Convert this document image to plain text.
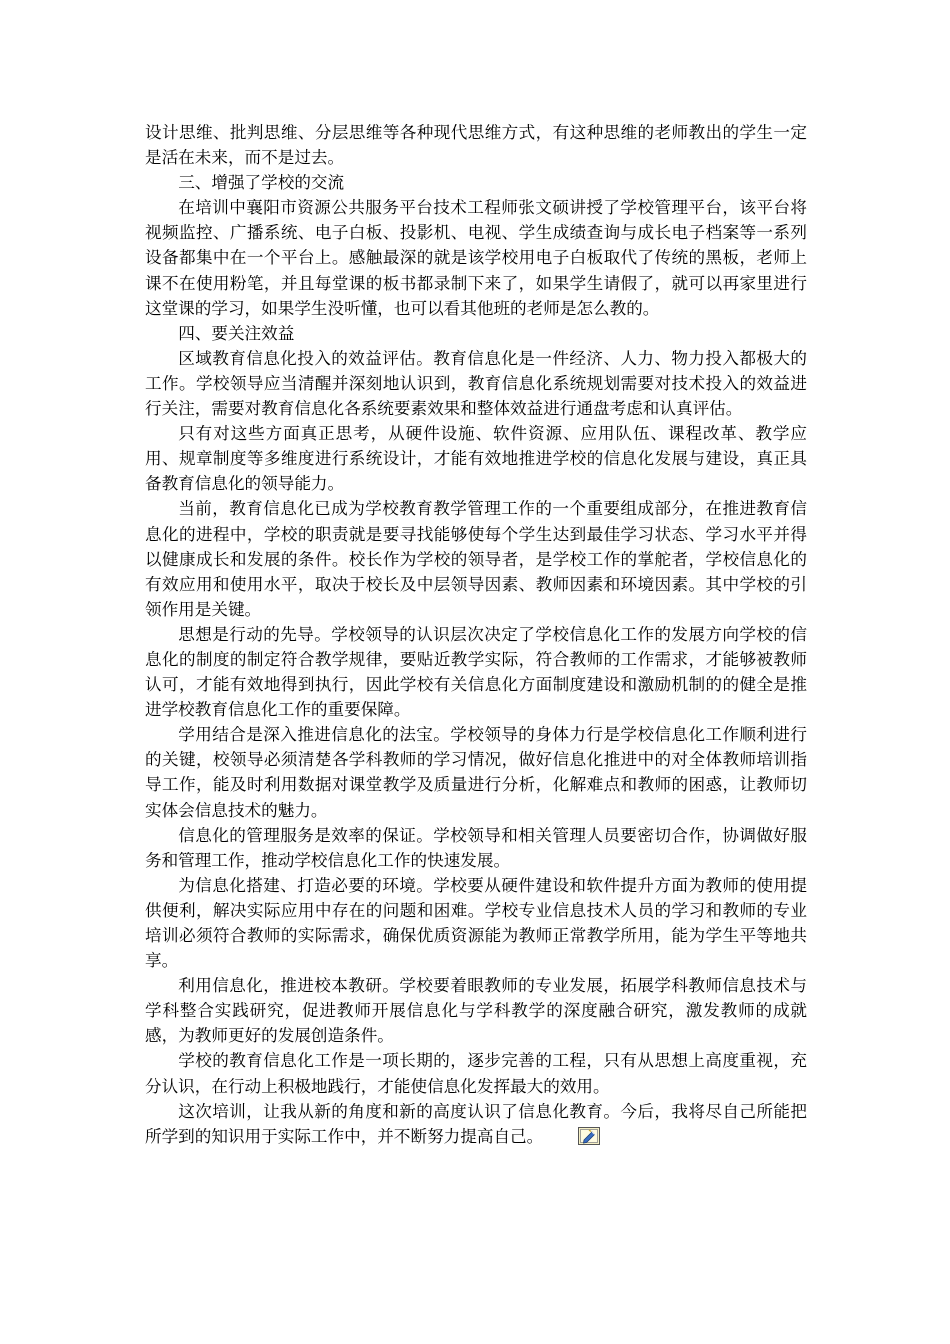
设计思维、批判思维、分层思维等各种现代思维方式，有这种思维的老师教出的学生一定是活在未来，而不是过去。

三、增强了学校的交流

在培训中襄阳市资源公共服务平台技术工程师张文硕讲授了学校管理平台，该平台将视频监控、广播系统、电子白板、投影机、电视、学生成绩查询与成长电子档案等一系列设备都集中在一个平台上。感触最深的就是该学校用电子白板取代了传统的黑板，老师上课不在使用粉笔，并且每堂课的板书都录制下来了，如果学生请假了，就可以再家里进行这堂课的学习，如果学生没听懂，也可以看其他班的老师是怎么教的。

四、要关注效益

区域教育信息化投入的效益评估。教育信息化是一件经济、人力、物力投入都极大的工作。学校领导应当清醒并深刻地认识到，教育信息化系统规划需要对技术投入的效益进行关注，需要对教育信息化各系统要素效果和整体效益进行通盘考虑和认真评估。

只有对这些方面真正思考，从硬件设施、软件资源、应用队伍、课程改革、教学应用、规章制度等多维度进行系统设计，才能有效地推进学校的信息化发展与建设，真正具备教育信息化的领导能力。

当前，教育信息化已成为学校教育教学管理工作的一个重要组成部分，在推进教育信息化的进程中，学校的职责就是要寻找能够使每个学生达到最佳学习状态、学习水平并得以健康成长和发展的条件。校长作为学校的领导者，是学校工作的掌舵者，学校信息化的有效应用和使用水平，取决于校长及中层领导因素、教师因素和环境因素。其中学校的引领作用是关键。

思想是行动的先导。学校领导的认识层次决定了学校信息化工作的发展方向学校的信息化的制度的制定符合教学规律，要贴近教学实际，符合教师的工作需求，才能够被教师认可，才能有效地得到执行，因此学校有关信息化方面制度建设和激励机制的的健全是推进学校教育信息化工作的重要保障。

学用结合是深入推进信息化的法宝。学校领导的身体力行是学校信息化工作顺利进行的关键，校领导必须清楚各学科教师的学习情况，做好信息化推进中的对全体教师培训指导工作，能及时利用数据对课堂教学及质量进行分析，化解难点和教师的困惑，让教师切实体会信息技术的魅力。

信息化的管理服务是效率的保证。学校领导和相关管理人员要密切合作，协调做好服务和管理工作，推动学校信息化工作的快速发展。

为信息化搭建、打造必要的环境。学校要从硬件建设和软件提升方面为教师的使用提供便利，解决实际应用中存在的问题和困难。学校专业信息技术人员的学习和教师的专业培训必须符合教师的实际需求，确保优质资源能为教师正常教学所用，能为学生平等地共享。

利用信息化，推进校本教研。学校要着眼教师的专业发展，拓展学科教师信息技术与学科整合实践研究，促进教师开展信息化与学科教学的深度融合研究，激发教师的成就感，为教师更好的发展创造条件。

学校的教育信息化工作是一项长期的，逐步完善的工程，只有从思想上高度重视，充分认识，在行动上积极地践行，才能使信息化发挥最大的效用。

这次培训，让我从新的角度和新的高度认识了信息化教育。今后，我将尽自己所能把所学到的知识用于实际工作中，并不断努力提高自己。
